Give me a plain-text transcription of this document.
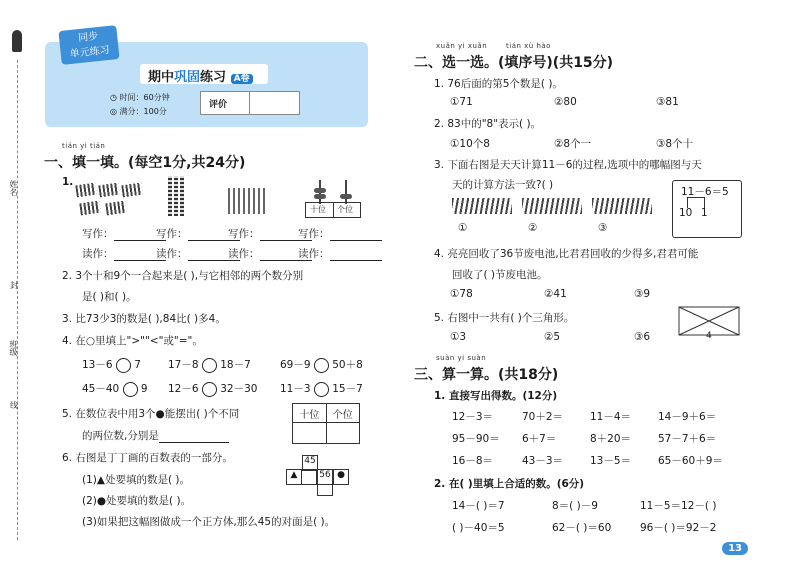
姓名
封
班级
线
同步
单元练习
期中巩固练习 A卷
◷ 时间：60分钟
◎ 满分：100分
评价
tián yi tián
一、填一填。(每空1分,共24分)
1.
十位 个位
写作：	写作：	写作：	写作：
读作：	读作：	读作：	读作：
2. 3个十和9个一合起来是( ),与它相邻的两个数分别
是( )和( )。
3. 比73少3的数是( ),84比( )多4。
4. 在○里填上">""<"或"="。
13－6 7	17－8 18－7	69－9 50＋8
45－40 9 12－6 32－30 11－3 15－7
5. 在数位表中用3个●能摆出( )个不同
的两位数,分别是
十位	个位

6. 右图是丁丁画的百数表的一部分。
(1)▲处要填的数是( )。
(2)●处要填的数是( )。
(3)如果把这幅图做成一个正方体,那么45的对面是( )。
45
▲	56 ●
xuǎn yi xuǎn	tián xù hào
二、选一选。(填序号)(共15分)
1. 76后面的第5个数是( )。
①71	②80	③81
2. 83中的"8"表示( )。
①10个8	②8个一	③8个十
3. 下面右图是天天计算11－6的过程,选项中的哪幅图与天
天的计算方法一致?( )
①	②	③
11－6＝5
10 1
4. 亮亮回收了36节废电池,比君君回收的少得多,君君可能
回收了( )节废电池。
①78	②41	③9
5. 右图中一共有( )个三角形。
①3	②5	③6	4
suàn yi suàn
三、算一算。(共18分)
1. 直接写出得数。(12分)
12－3＝	70＋2＝	11－4＝	14－9＋6＝
95－90＝ 6＋7＝	8＋20＝	57－7＋6＝
16－8＝	43－3＝	13－5＝	65－60＋9＝
2. 在( )里填上合适的数。(6分)
14－( )＝7	8＝( )－9	11－5＝12－( )
( )－40＝5	62－( )＝60	96－( )＝92－2
13
